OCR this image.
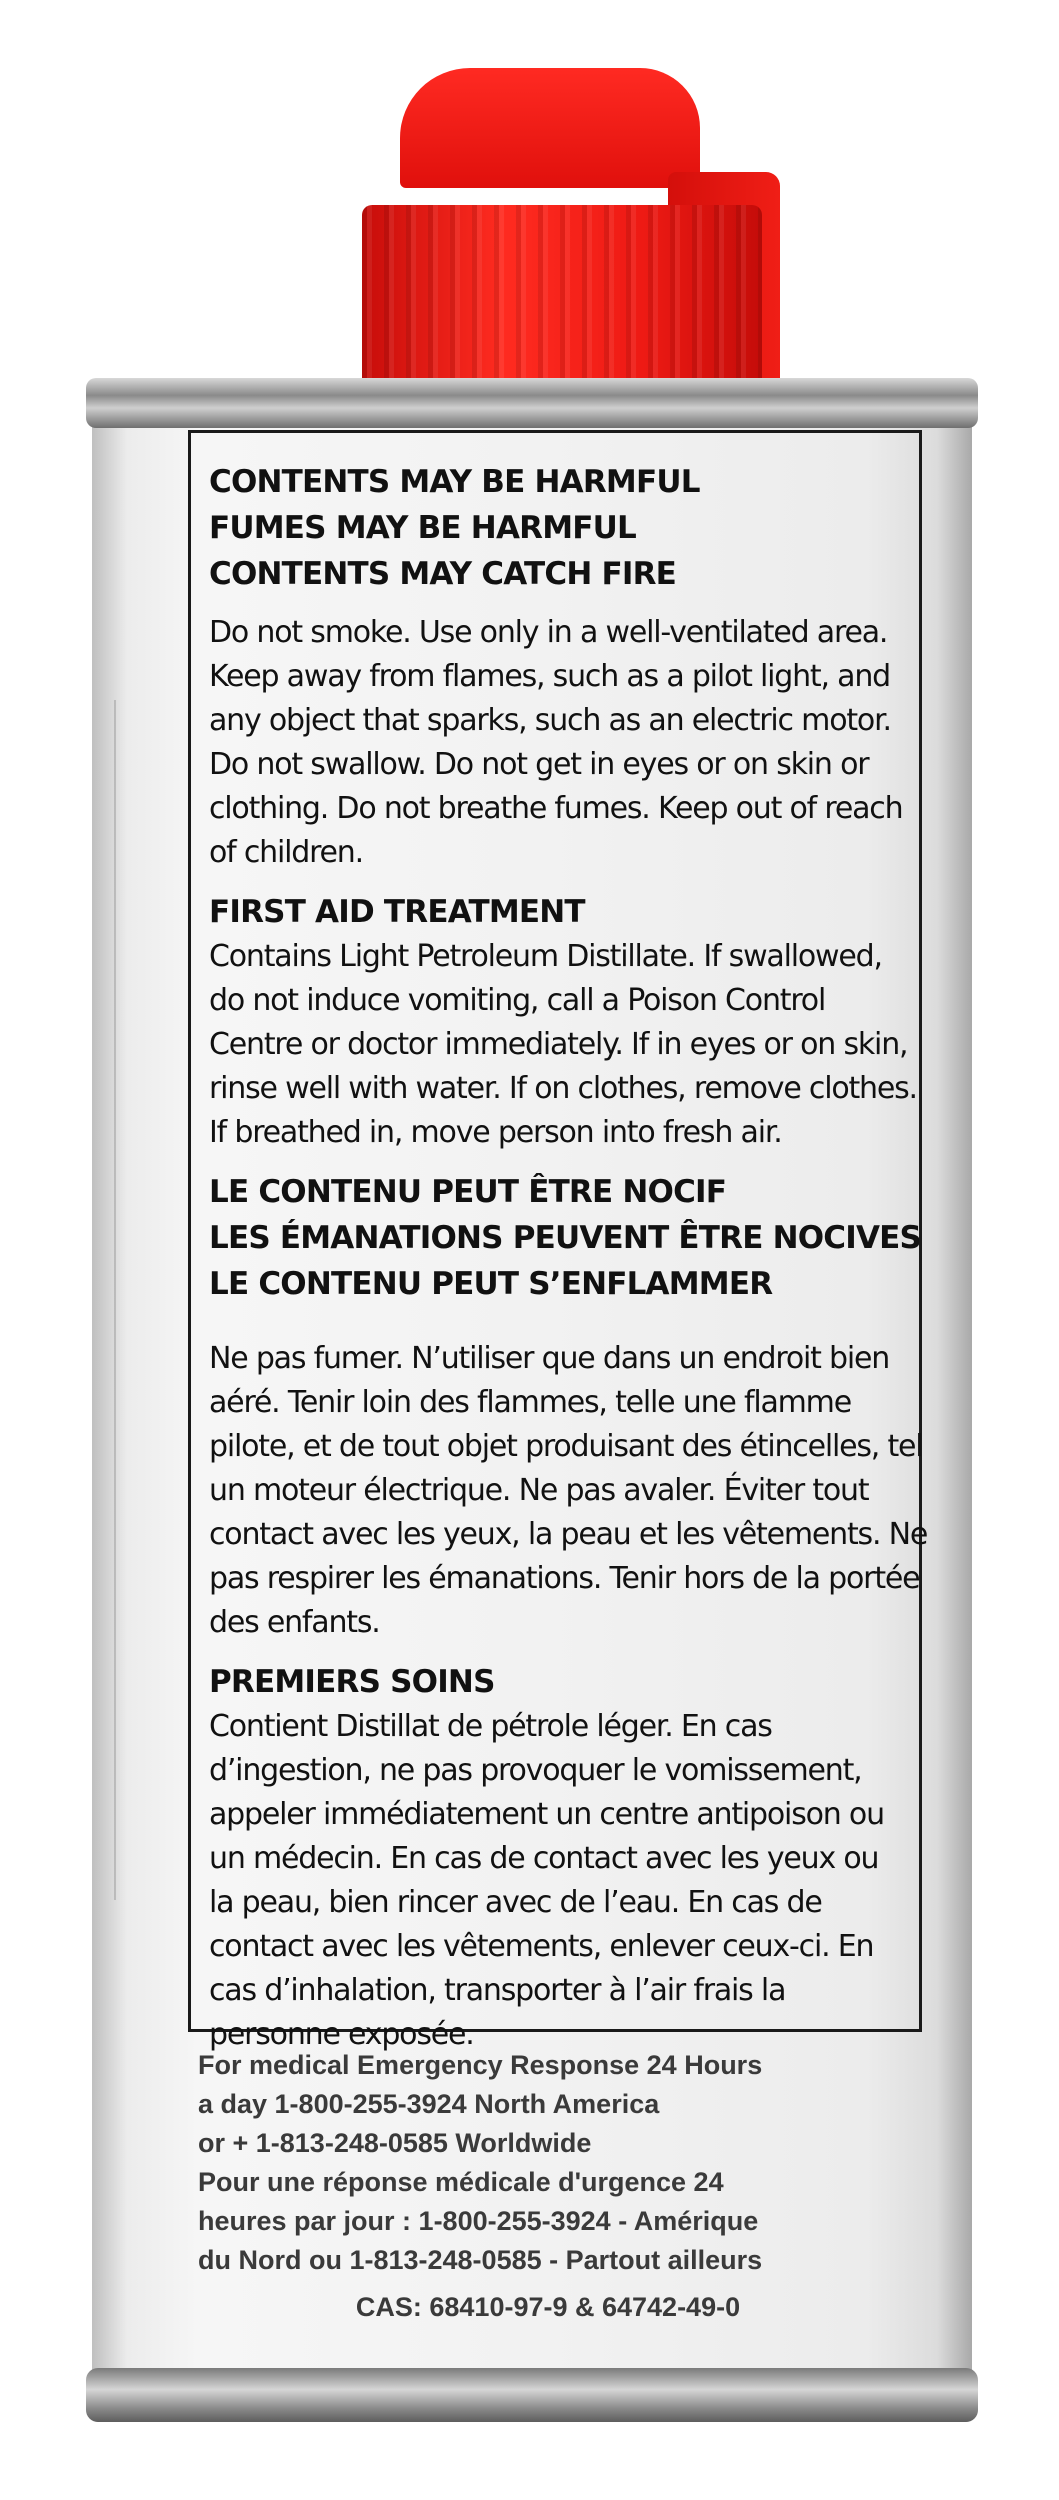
CONTENTS MAY BE HARMFUL

FUMES MAY BE HARMFUL

CONTENTS MAY CATCH FIRE

Do not smoke. Use only in a well-ventilated area.
Keep away from flames, such as a pilot light, and
any object that sparks, such as an electric motor.
Do not swallow. Do not get in eyes or on skin or
clothing. Do not breathe fumes. Keep out of reach
of children.

FIRST AID TREATMENT

Contains Light Petroleum Distillate. If swallowed,
do not induce vomiting, call a Poison Control
Centre or doctor immediately. If in eyes or on skin,
rinse well with water. If on clothes, remove clothes.
If breathed in, move person into fresh air.

LE CONTENU PEUT ÊTRE NOCIF

LES ÉMANATIONS PEUVENT ÊTRE NOCIVES

LE CONTENU PEUT S’ENFLAMMER

Ne pas fumer. N’utiliser que dans un endroit bien
aéré. Tenir loin des flammes, telle une flamme
pilote, et de tout objet produisant des étincelles, tel
un moteur électrique. Ne pas avaler. Éviter tout
contact avec les yeux, la peau et les vêtements. Ne
pas respirer les émanations. Tenir hors de la portée
des enfants.

PREMIERS SOINS

Contient Distillat de pétrole léger. En cas
d’ingestion, ne pas provoquer le vomissement,
appeler immédiatement un centre antipoison ou
un médecin. En cas de contact avec les yeux ou
la peau, bien rincer avec de l’eau. En cas de
contact avec les vêtements, enlever ceux-ci. En
cas d’inhalation, transporter à l’air frais la
personne exposée.
For medical Emergency Response 24 Hours
a day 1-800-255-3924 North America
or + 1-813-248-0585 Worldwide
Pour une réponse médicale d'urgence 24
heures par jour : 1-800-255-3924 - Amérique
du Nord ou 1-813-248-0585 - Partout ailleurs
CAS: 68410-97-9 & 64742-49-0
